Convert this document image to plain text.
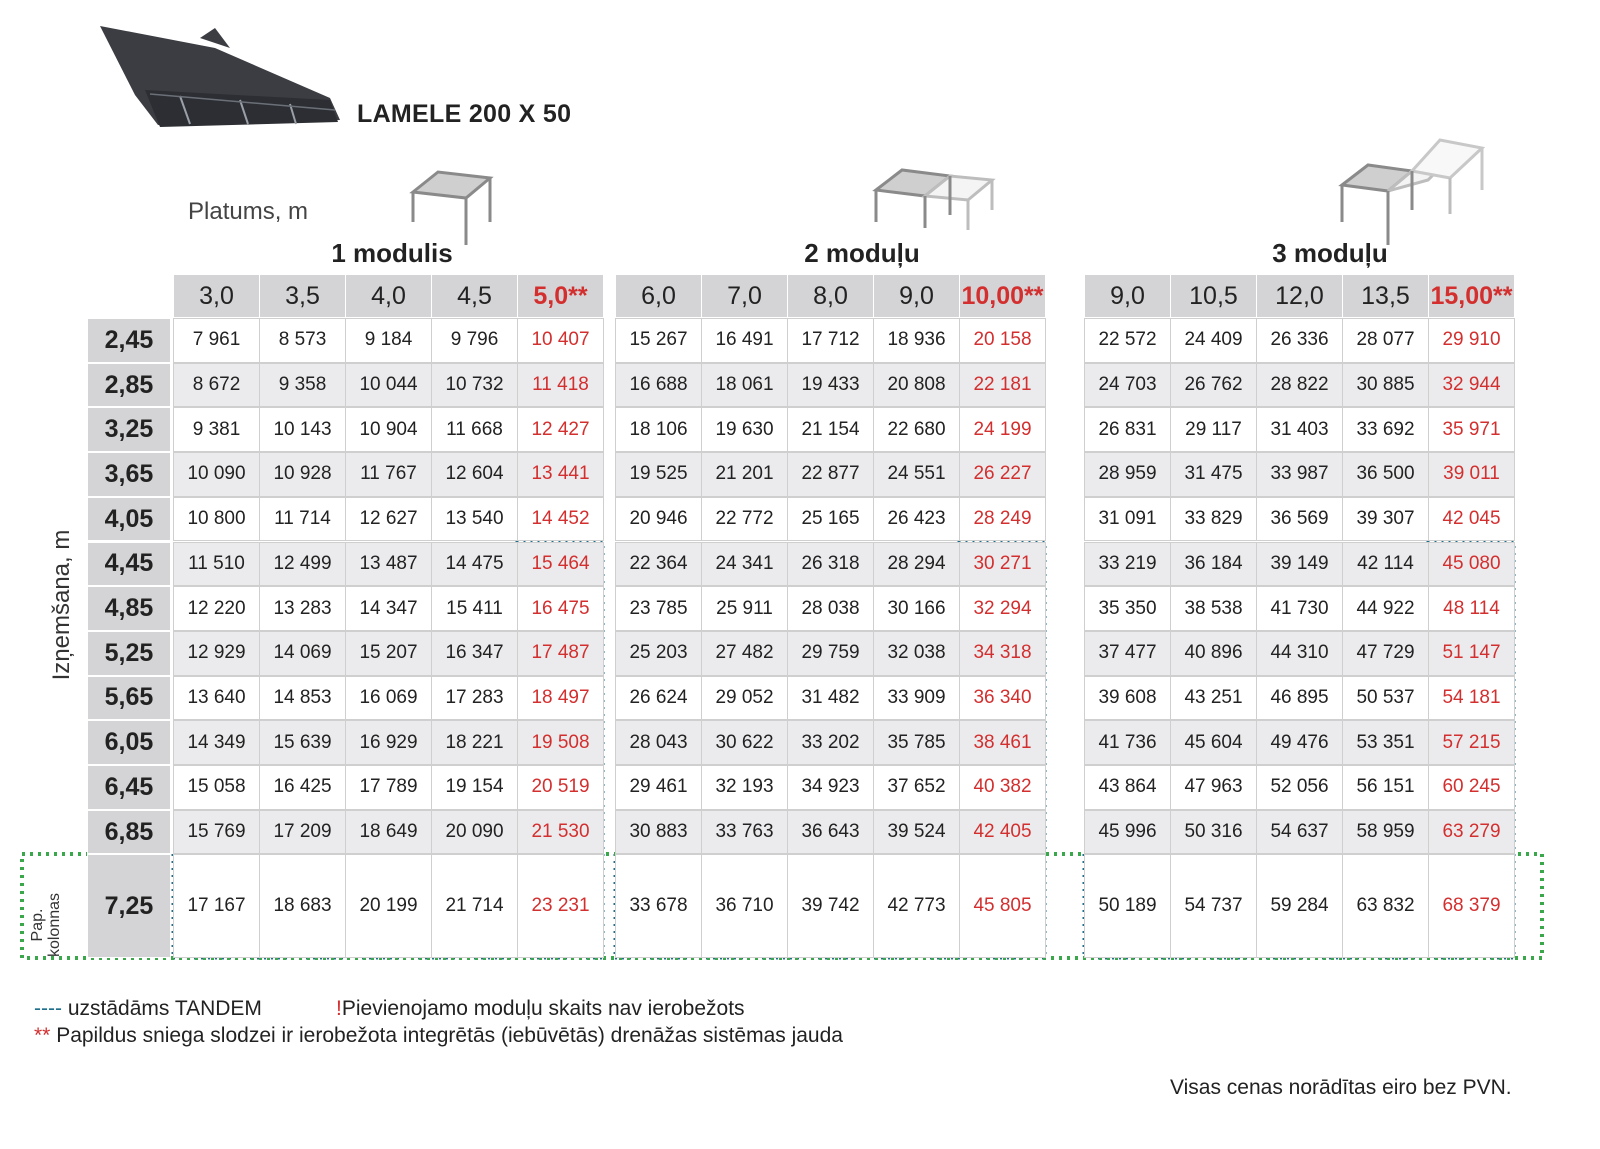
LAMELE 200 X 50
Platums, m
1 modulis	2 moduļu	3 moduļu
Izņemšana, m
Pap. kolonnas
3,0	3,5	4,0	4,5	5,0**	6,0	7,0	8,0	9,0	10,00**	9,0	10,5	12,0	13,5 15,00**
2,45	7 961	8 573	9 184	9 796	10 407	15 267	16 491	17 712	18 936	20 158	22 572	24 409	26 336	28 077	29 910
2,85	8 672	9 358	10 044	10 732	11 418	16 688	18 061	19 433	20 808	22 181	24 703	26 762	28 822	30 885	32 944
3,25	9 381	10 143	10 904	11 668	12 427	18 106	19 630	21 154	22 680	24 199	26 831	29 117	31 403	33 692	35 971
3,65	10 090	10 928	11 767	12 604	13 441	19 525	21 201	22 877	24 551	26 227	28 959	31 475	33 987	36 500	39 011
4,05	10 800	11 714	12 627	13 540	14 452	20 946	22 772	25 165	26 423	28 249	31 091	33 829	36 569	39 307	42 045
4,45	11 510	12 499	13 487	14 475	15 464	22 364	24 341	26 318	28 294	30 271	33 219	36 184	39 149	42 114	45 080
4,85	12 220	13 283	14 347	15 411	16 475	23 785	25 911	28 038	30 166	32 294	35 350	38 538	41 730	44 922	48 114
5,25	12 929	14 069	15 207	16 347	17 487	25 203	27 482	29 759	32 038	34 318	37 477	40 896	44 310	47 729	51 147
5,65	13 640	14 853	16 069	17 283	18 497	26 624	29 052	31 482	33 909	36 340	39 608	43 251	46 895	50 537	54 181
6,05	14 349	15 639	16 929	18 221	19 508	28 043	30 622	33 202	35 785	38 461	41 736	45 604	49 476	53 351	57 215
6,45	15 058	16 425	17 789	19 154	20 519	29 461	32 193	34 923	37 652	40 382	43 864	47 963	52 056	56 151	60 245
6,85	15 769	17 209	18 649	20 090	21 530	30 883	33 763	36 643	39 524	42 405	45 996	50 316	54 637	58 959	63 279
7,25	17 167	18 683	20 199	21 714	23 231	33 678	36 710	39 742	42 773	45 805	50 189	54 737	59 284	63 832	68 379
---- uzstādāms TANDEM	!Pievienojamo moduļu skaits nav ierobežots
** Papildus sniega slodzei ir ierobežota integrētās (iebūvētās) drenāžas sistēmas jauda
Visas cenas norādītas eiro bez PVN.
